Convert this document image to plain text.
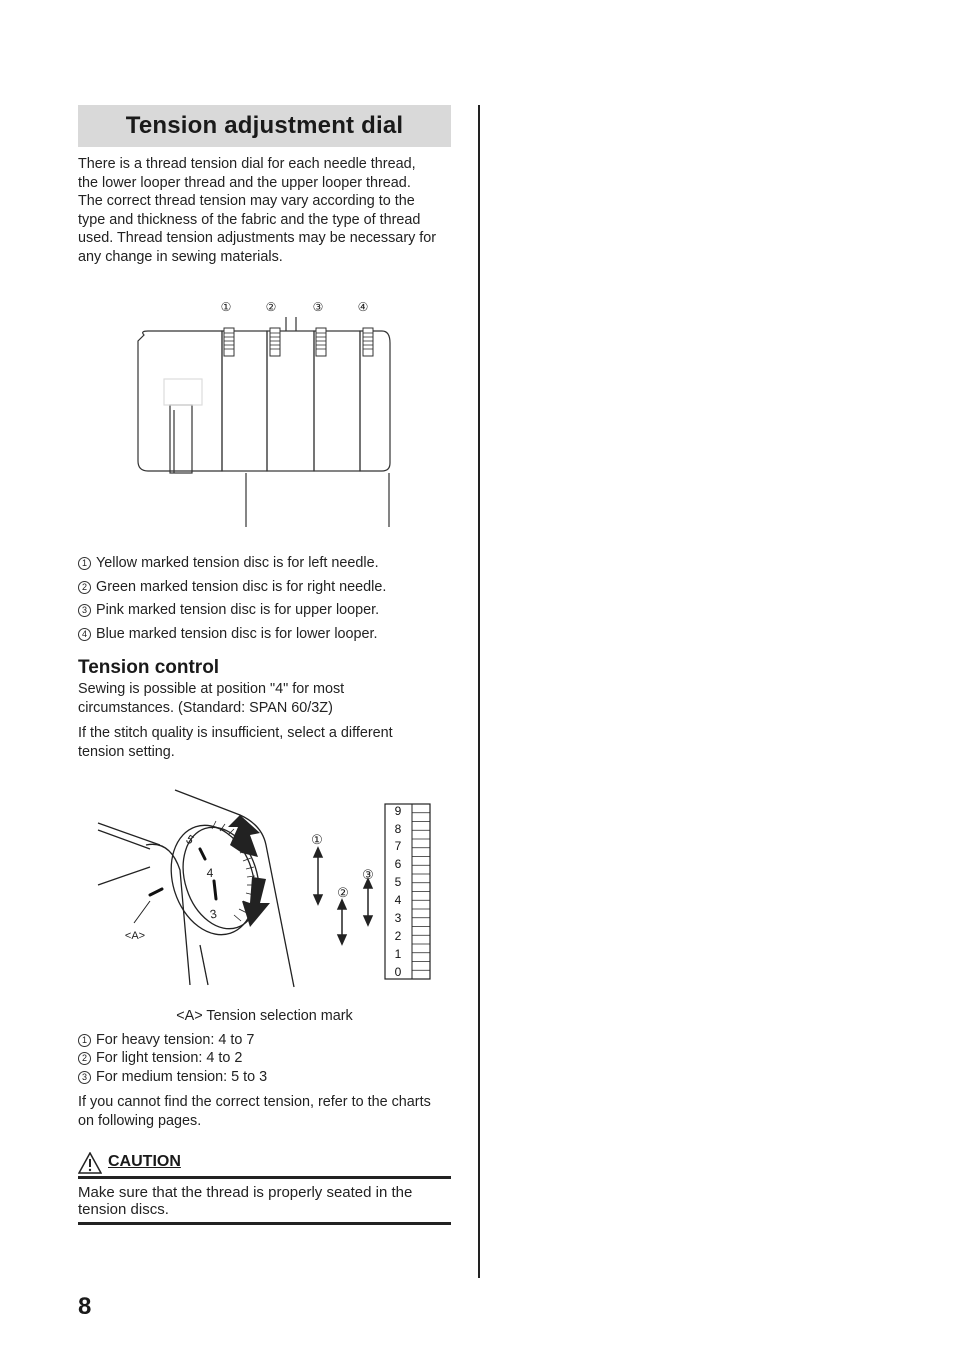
Tension adjustment dial
There is a thread tension dial for each needle thread,
the lower looper thread and the upper looper thread.
The correct thread tension may vary according to the
type and thickness of the fabric and the type of thread
used. Thread tension adjustments may be necessary for
any change in sewing materials.
①	②	③	④
1 Yellow marked tension disc is for left needle.
2 Green marked tension disc is for right needle.
3 Pink marked tension disc is for upper looper.
4 Blue marked tension disc is for lower looper.
Tension control
Sewing is possible at position "4" for most
circumstances. (Standard: SPAN 60/3Z)
If the stitch quality is insufficient, select a different
tension setting.
5
4
3
<A>
①
②
③
9
8
7
6
5
4
3
2
1
0
<A> Tension selection mark
1 For heavy tension: 4 to 7
2 For light tension: 4 to 2
3 For medium tension: 5 to 3
If you cannot find the correct tension, refer to the charts
on following pages.
CAUTION
Make sure that the thread is properly seated in the
tension discs.
8
